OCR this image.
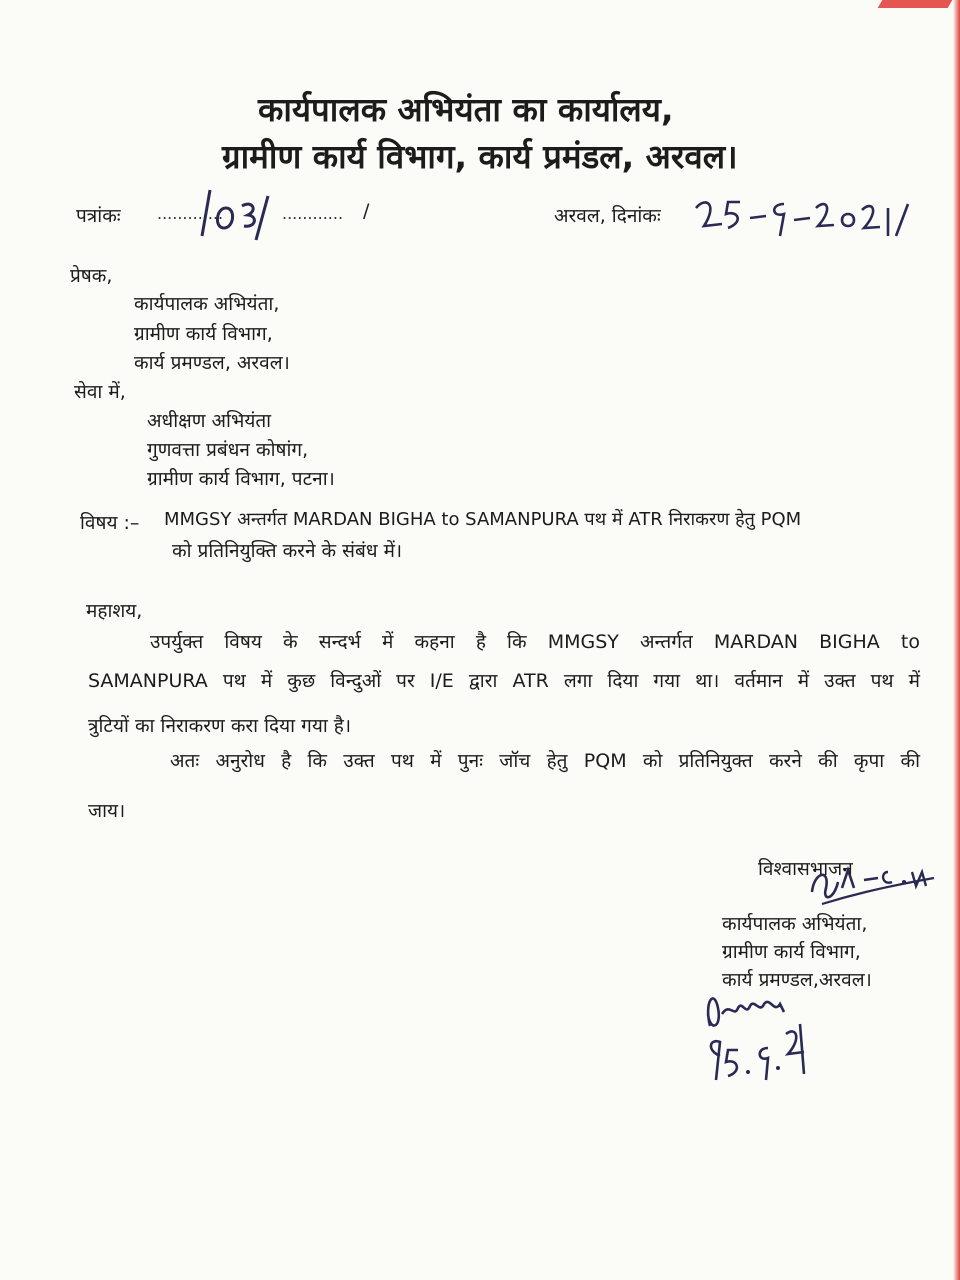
कार्यपालक अभियंता का कार्यालय,
ग्रामीण कार्य विभाग, कार्य प्रमंडल, अरवल।
पत्रांकः .............	............ /	अरवल, दिनांकः
प्रेषक,
कार्यपालक अभियंता,
ग्रामीण कार्य विभाग,
कार्य प्रमण्डल, अरवल।
सेवा में,
अधीक्षण अभियंता
गुणवत्ता प्रबंधन कोषांग,
ग्रामीण कार्य विभाग, पटना।
विषय :– MMGSY अन्तर्गत MARDAN BIGHA to SAMANPURA पथ में ATR निराकरण हेतु PQM
को प्रतिनियुक्ति करने के संबंध में।
महाशय,
उपर्युक्त विषय के सन्दर्भ में कहना है कि MMGSY अन्तर्गत MARDAN BIGHA to
SAMANPURA पथ में कुछ विन्दुओं पर I/E द्वारा ATR लगा दिया गया था। वर्तमान में उक्त पथ में
त्रुटियों का निराकरण करा दिया गया है।
अतः अनुरोध है कि उक्त पथ में पुनः जॉच हेतु PQM को प्रतिनियुक्त करने की कृपा की
जाय।
विश्वासभाजन
कार्यपालक अभियंता,
ग्रामीण कार्य विभाग,
कार्य प्रमण्डल,अरवल।
